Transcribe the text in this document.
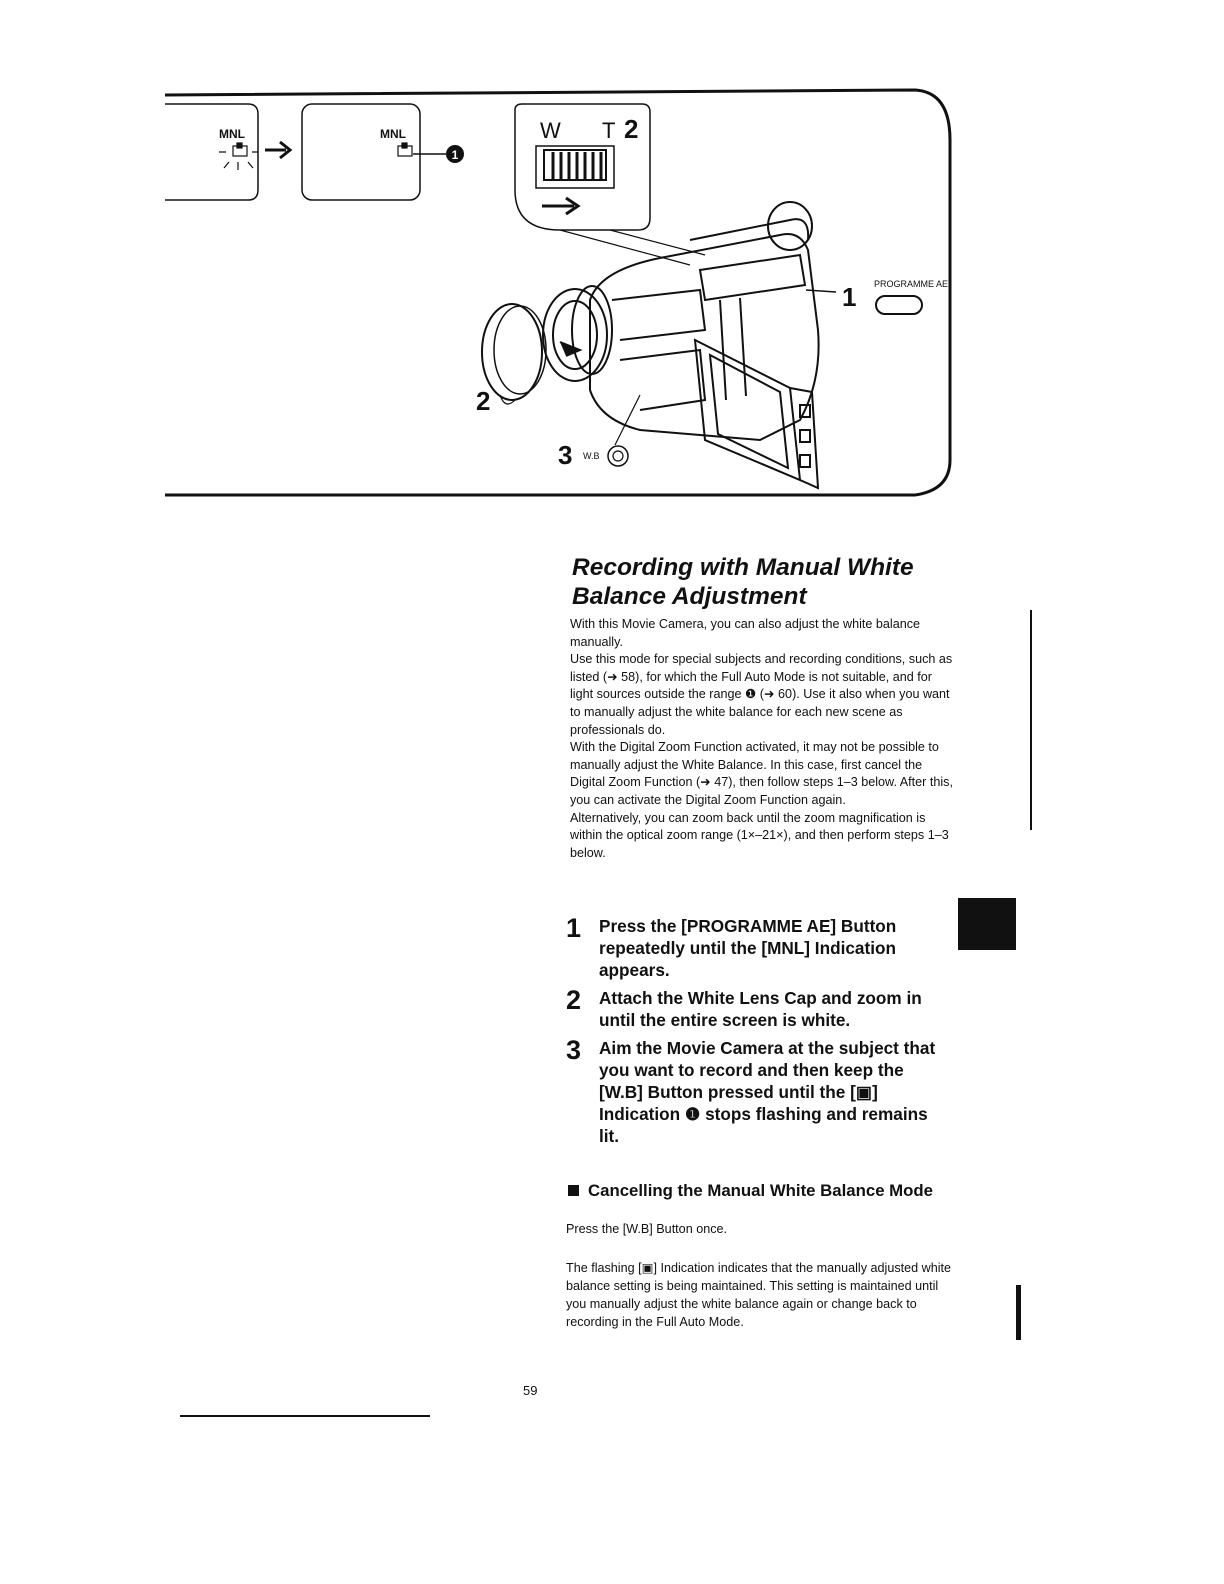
1
MNL	MNL	W T 2
1 PROGRAMME AE
2
3 W.B
Recording with Manual White
Balance Adjustment

With this Movie Camera, you can also adjust the white balance manually.

Use this mode for special subjects and recording conditions, such as listed (➜ 58), for which the Full Auto Mode is not suitable, and for light sources outside the range ❶ (➜ 60). Use it also when you want to manually adjust the white balance for each new scene as professionals do.

With the Digital Zoom Function activated, it may not be possible to manually adjust the White Balance. In this case, first cancel the Digital Zoom Function (➜ 47), then follow steps 1–3 below. After this, you can activate the Digital Zoom Function again.

Alternatively, you can zoom back until the zoom magnification is within the optical zoom range (1×–21×), and then perform steps 1–3 below.

1	Press the [PROGRAMME AE] Button repeatedly until the [MNL] Indication appears.
2	Attach the White Lens Cap and zoom in until the entire screen is white.
3	Aim the Movie Camera at the subject that you want to record and then keep the [W.B] Button pressed until the [▣] Indication ❶ stops flashing and remains lit.
Cancelling the Manual White Balance Mode
Press the [W.B] Button once.
The flashing [▣] Indication indicates that the manually adjusted white balance setting is being maintained. This setting is maintained until you manually adjust the white balance again or change back to recording in the Full Auto Mode.
59
